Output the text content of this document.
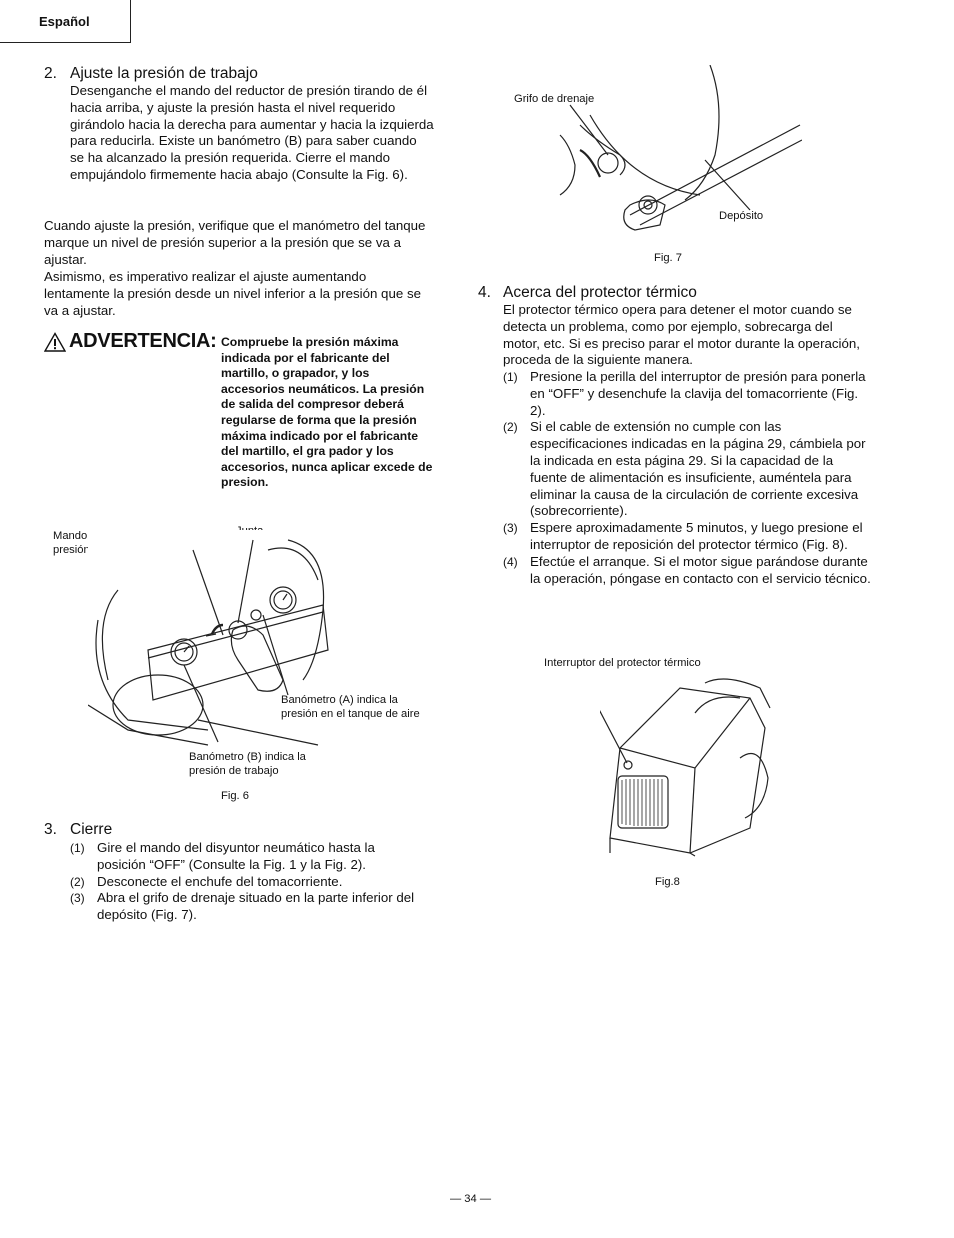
Español
2. Ajuste la presión de trabajo
Desenganche el mando del reductor de presión tirando de él hacia arriba, y ajuste la presión hasta el nivel requerido girándolo hacia la derecha para aumentar y hacia la izquierda para reducirla. Existe un banómetro (B) para saber cuando se ha alcanzado la presión requerida. Cierre el mando empujándolo firmemente hacia abajo (Consulte la Fig. 6).
Cuando ajuste la presión, verifique que el manómetro del tanque marque un nivel de presión superior a la presión que se va a ajustar.
Asimismo, es imperativo realizar el ajuste aumentando lentamente la presión desde un nivel inferior a la presión que se va a ajustar.
ADVERTENCIA: Compruebe la presión máxima indicada por el fabricante del martillo, o grapador, y los accesorios neumáticos. La presión de salida del compresor deberá regularse de forma que la presión máxima indicado por el fabricante del martillo, el gra pador y los accesorios, nunca aplicar excede de presion.
Mando del reductor de presión
Junta
Banómetro (A) indica la presión en el tanque de aire
Banómetro (B) indica la presión de trabajo
Fig. 6
3. Cierre
(1) Gire el mando del disyuntor neumático hasta la posición “OFF” (Consulte la Fig. 1 y la Fig. 2).
(2) Desconecte el enchufe del tomacorriente.
(3) Abra el grifo de drenaje situado en la parte inferior del depósito (Fig. 7).
Grifo de drenaje
Depósito
Fig. 7
4. Acerca del protector térmico
El protector térmico opera para detener el motor cuando se detecta un problema, como por ejemplo, sobrecarga del motor, etc. Si es preciso parar el motor durante la operación, proceda de la siguiente manera.
(1) Presione la perilla del interruptor de presión para ponerla en “OFF” y desenchufe la clavija del tomacorriente (Fig. 2).
(2) Si el cable de extensión no cumple con las especificaciones indicadas en la página 29, cámbiela por la indicada en esta página 29. Si la capacidad de la fuente de alimentación es insuficiente, auméntela para eliminar la causa de la circulación de corriente excesiva (sobrecorriente).
(3) Espere aproximadamente 5 minutos, y luego presione el interruptor de reposición del protector térmico (Fig. 8).
(4) Efectúe el arranque. Si el motor sigue parándose durante la operación, póngase en contacto con el servicio técnico.
Interruptor del protector térmico
Fig.8
— 34 —
